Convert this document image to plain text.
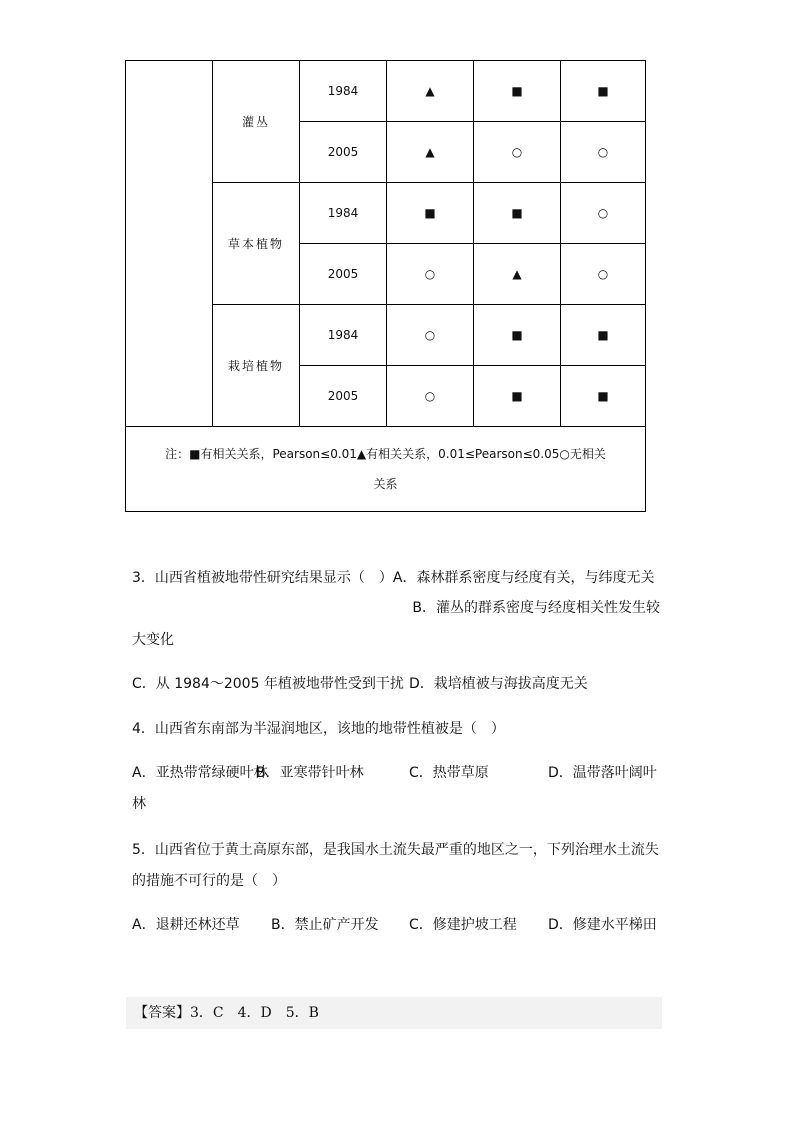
	灌丛	1984	▲	■	■
		2005	▲	○	○
	草本植物	1984	■	■	○
		2005	○	▲	○
	栽培植物	1984	○	■	■
		2005	○	■	■

注：■有相关关系，Pearson≤0.01▲有相关关系，0.01≤Pearson≤0.05○无相关
关系					
3．山西省植被地带性研究结果显示（　）A．森林群系密度与经度有关，与纬度无关
B．灌丛的群系密度与经度相关性发生较
大变化
C．从 1984～2005 年植被地带性受到干扰 D．栽培植被与海拔高度无关
4．山西省东南部为半湿润地区，该地的地带性植被是（　）
A．亚热带常绿硬叶林
B．亚寒带针叶林	C．热带草原	D．温带落叶阔叶
林
5．山西省位于黄土高原东部，是我国水土流失最严重的地区之一，下列治理水土流失
的措施不可行的是（　）
A．退耕还林还草 B．禁止矿产开发 C．修建护坡工程 D．修建水平梯田
【答案】3．C　4．D　5．B
